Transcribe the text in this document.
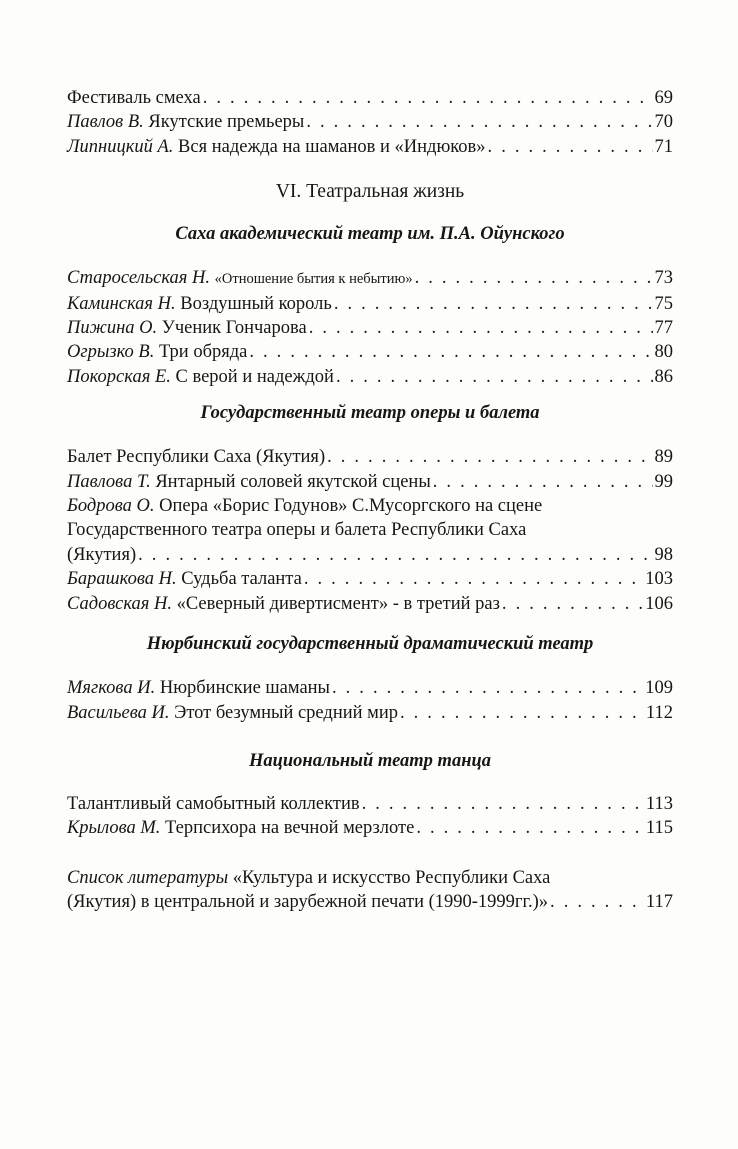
Фестиваль смеха . . .	69
Павлов В. Якутские премьеры . . .	70
Липницкий А. Вся надежда на шаманов и «Индюков» . . .	71
VI. Театральная жизнь
Саха академический театр им. П.А. Ойунского
Старосельская Н. «Отношение бытия к небытию» . . .	73
Каминская Н. Воздушный король . . .	75
Пижина О. Ученик Гончарова . . .	77
Огрызко В. Три обряда . . .	80
Покорская Е. С верой и надеждой . . .	86
Государственный театр оперы и балета
Балет Республики Саха (Якутия) . . .	89
Павлова Т. Янтарный соловей якутской сцены . . .	99
Бодрова О. Опера «Борис Годунов» С.Мусоргского на сцене
Государственного театра оперы и балета Республики Саха
(Якутия) . . .	98
Барашкова Н. Судьба таланта . . .	103
Садовская Н. «Северный дивертисмент» - в третий раз . . .	106
Нюрбинский государственный драматический театр
Мягкова И. Нюрбинские шаманы . . .	109
Васильева И. Этот безумный средний мир . . .	112
Национальный театр танца
Талантливый самобытный коллектив . . .	113
Крылова М. Терпсихора на вечной мерзлоте . . .	115
Список литературы «Культура и искусство Республики Саха
(Якутия) в центральной и зарубежной печати (1990-1999гг.)» . . .	117
